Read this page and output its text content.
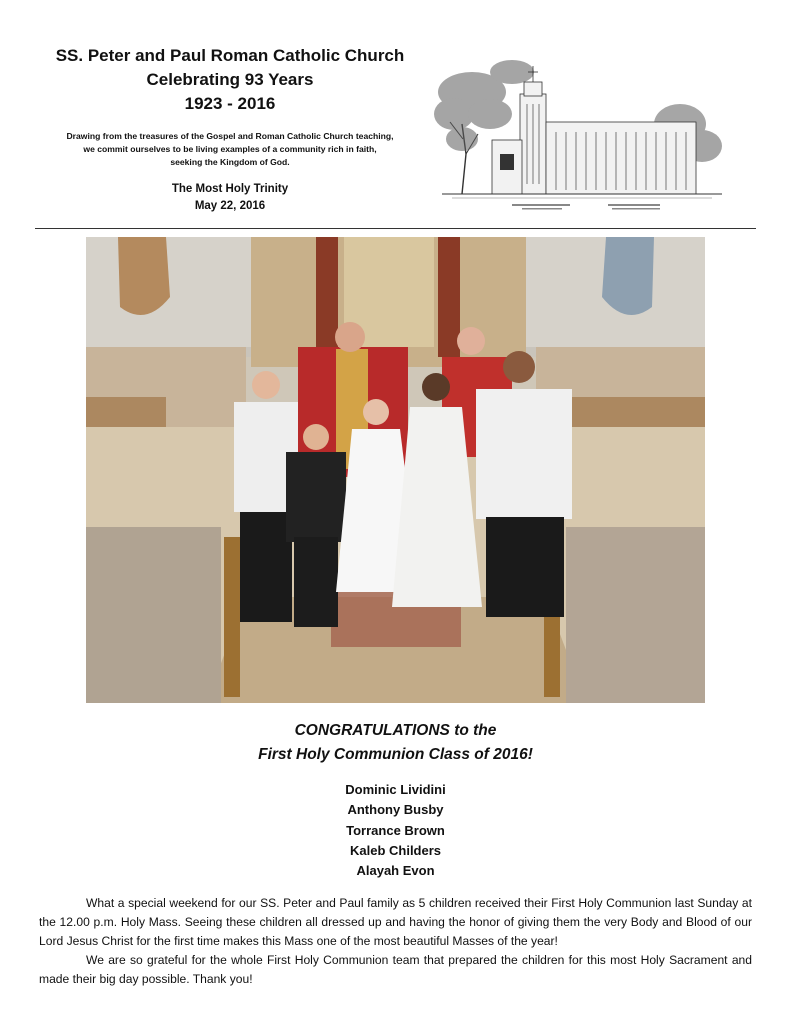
SS. Peter and Paul Roman Catholic Church
Celebrating 93 Years
1923 - 2016
Drawing from the treasures of the Gospel and Roman Catholic Church teaching,
we commit ourselves to be living examples of a community rich in faith,
seeking the Kingdom of God.
The Most Holy Trinity
May 22, 2016
CONGRATULATIONS to the
First Holy Communion Class of 2016!
Dominic Lividini
Anthony Busby
Torrance Brown
Kaleb Childers
Alayah Evon

What a special weekend for our SS. Peter and Paul family as 5 children received their First Holy Communion last Sunday at the 12.00 p.m. Holy Mass. Seeing these children all dressed up and having the honor of giving them the very Body and Blood of our Lord Jesus Christ for the first time makes this Mass one of the most beautiful Masses of the year!

We are so grateful for the whole First Holy Communion team that prepared the children for this most Holy Sacrament and made their big day possible. Thank you!
